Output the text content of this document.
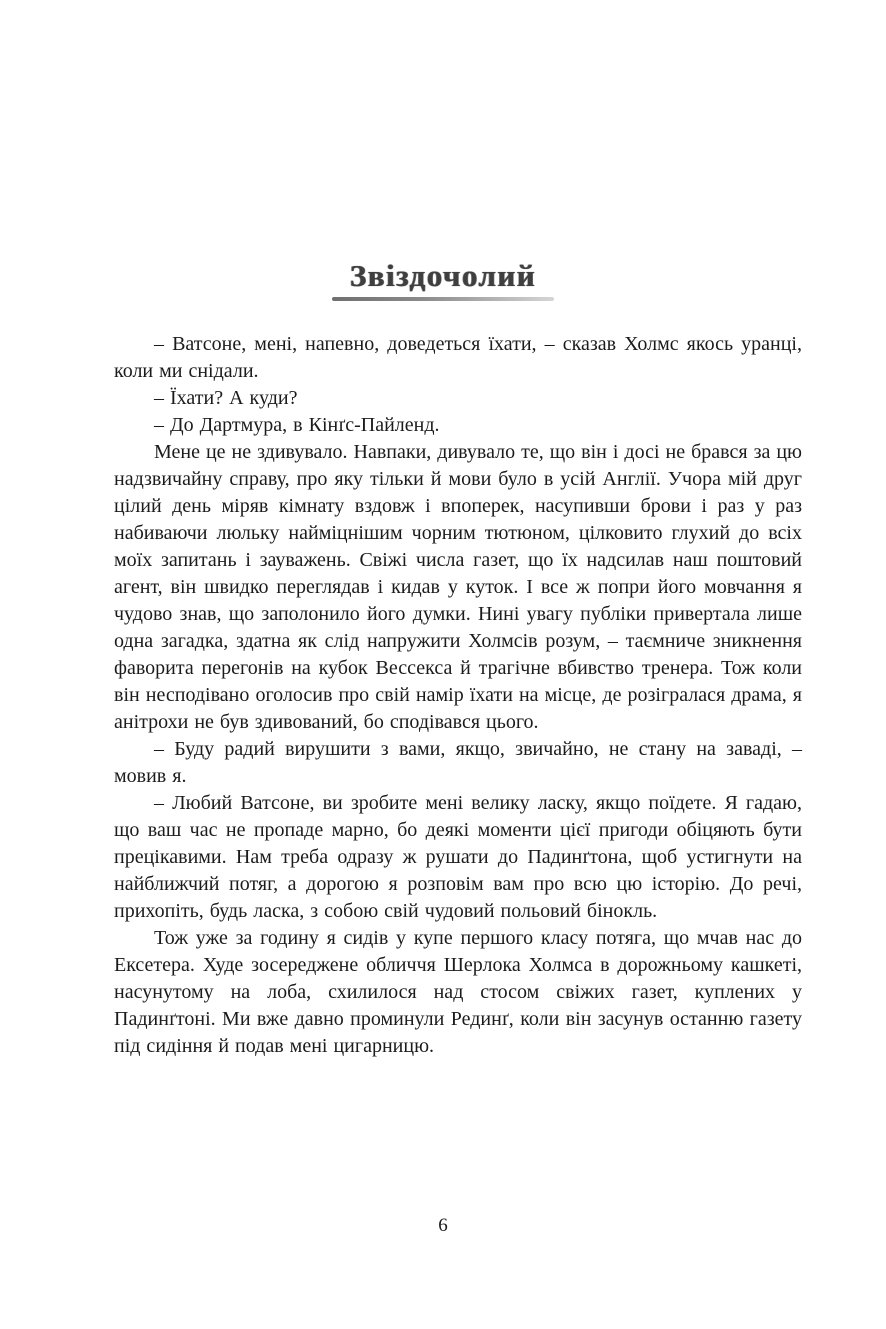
Звіздочолий

– Ватсоне, мені, напевно, доведеться їхати, – сказав Холмс якось уранці, коли ми снідали.

– Їхати? А куди?

– До Дартмура, в Кінґс-Пайленд.

Мене це не здивувало. Навпаки, дивувало те, що він і досі не брався за цю надзвичайну справу, про яку тільки й мови було в усій Англії. Учора мій друг цілий день міряв кімнату вздовж і впоперек, насупивши брови і раз у раз набиваючи люльку найміцнішим чорним тютюном, цілковито глухий до всіх моїх запитань і зауважень. Свіжі числа газет, що їх надсилав наш поштовий агент, він швидко переглядав і кидав у куток. І все ж попри його мовчання я чудово знав, що заполонило його думки. Нині увагу публіки привертала лише одна загадка, здатна як слід напружити Холмсів розум, – таємниче зникнення фаворита перегонів на кубок Вессекса й трагічне вбивство тренера. Тож коли він несподівано оголосив про свій намір їхати на місце, де розігралася драма, я анітрохи не був здивований, бо сподівався цього.

– Буду радий вирушити з вами, якщо, звичайно, не стану на заваді, – мовив я.

– Любий Ватсоне, ви зробите мені велику ласку, якщо поїдете. Я гадаю, що ваш час не пропаде марно, бо деякі моменти цієї пригоди обіцяють бути прецікавими. Нам треба одразу ж рушати до Падинґтона, щоб устигнути на найближчий потяг, а дорогою я розповім вам про всю цю історію. До речі, прихопіть, будь ласка, з собою свій чудовий польовий бінокль.

Тож уже за годину я сидів у купе першого класу потяга, що мчав нас до Ексетера. Худе зосереджене обличчя Шерлока Холмса в дорожньому кашкеті, насунутому на лоба, схилилося над стосом свіжих газет, куплених у Падинґтоні. Ми вже давно проминули Рединґ, коли він засунув останню газету під сидіння й подав мені цигарницю.

6
